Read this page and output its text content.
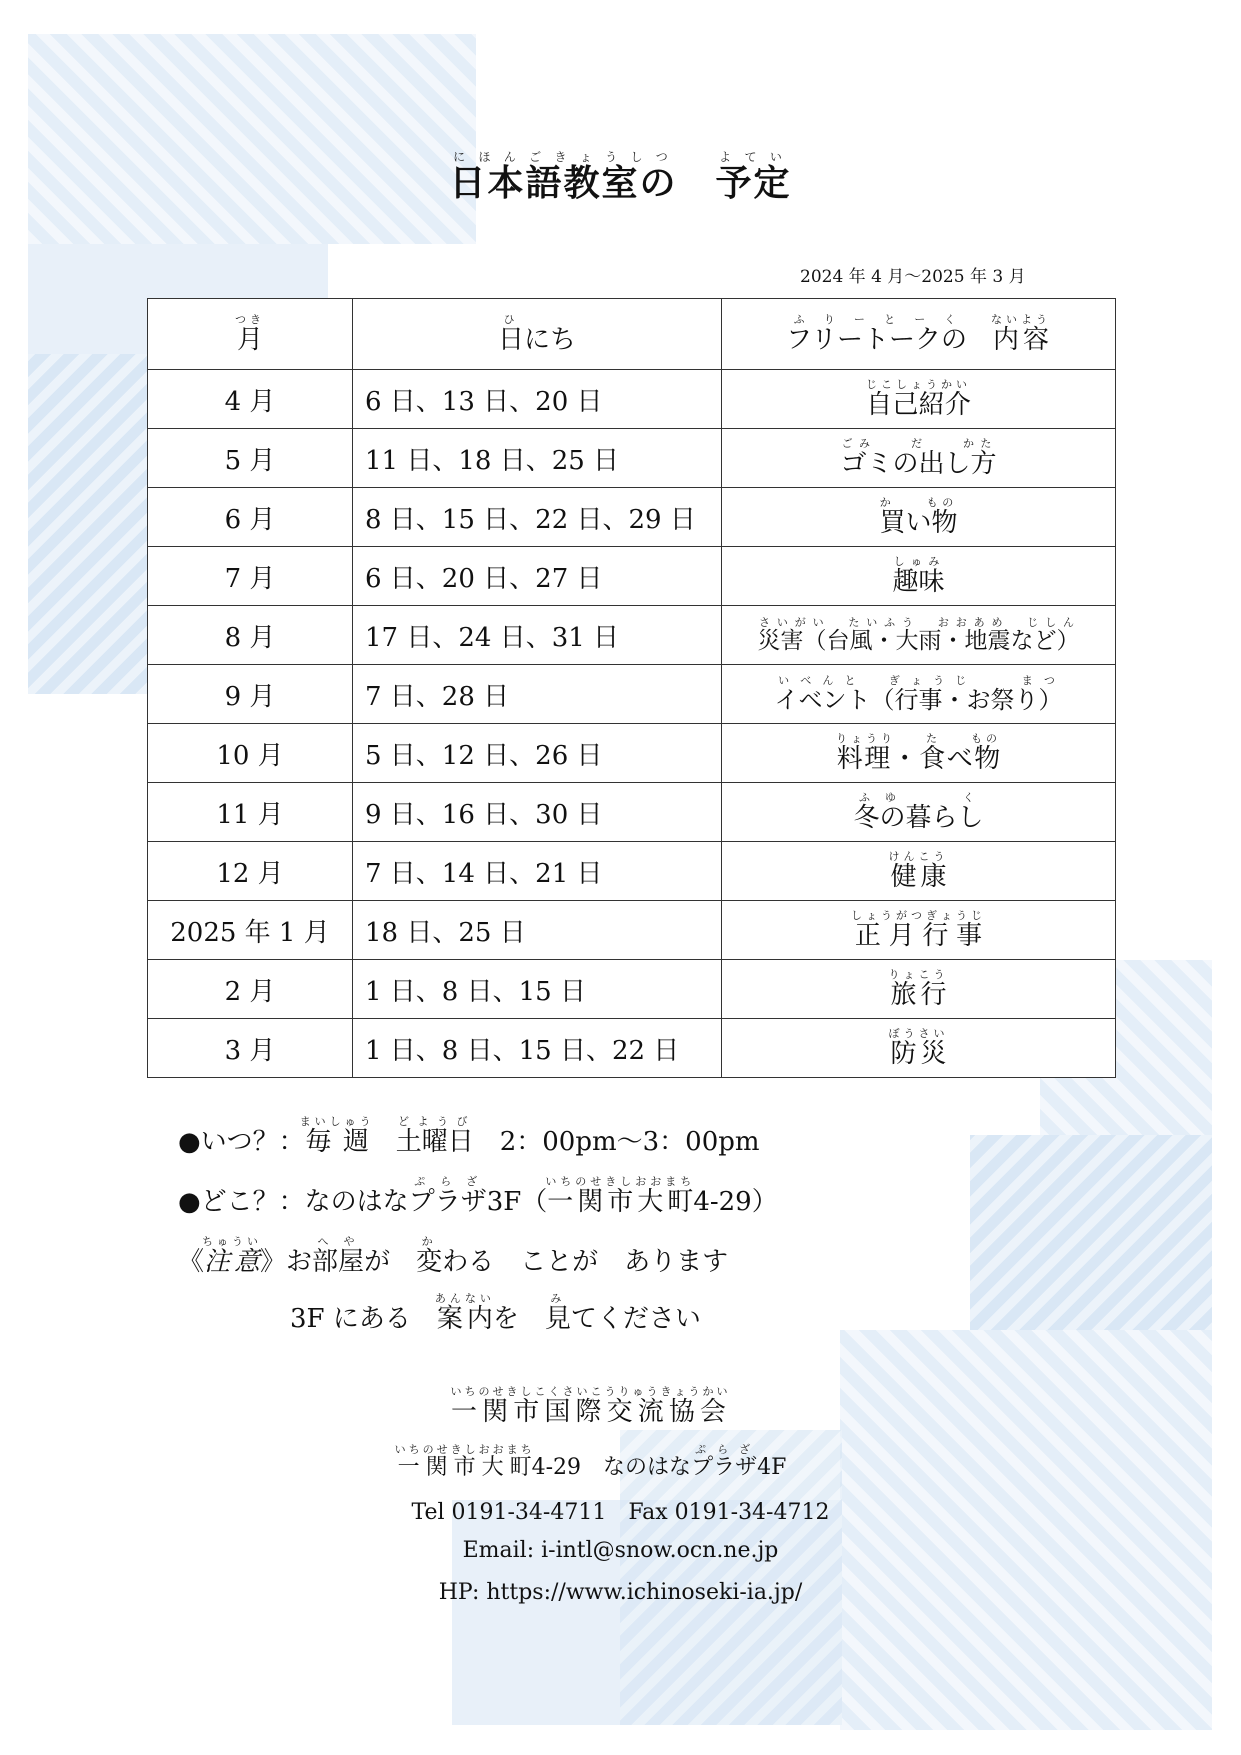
日本語教室のにほんごきょうしつ　予定よてい
2024 年 4 月〜2025 年 3 月
月つき	日ひにち	フリートークのふりーとーく　内容ないよう
4 月	6 日、13 日、20 日	自己紹介じこしょうかい
5 月	11 日、18 日、25 日	ゴミの出し方ごみ　　だ　　かた
6 月	8 日、15 日、22 日、29 日	買い物か　　もの
7 月	6 日、20 日、27 日	趣味しゅみ
8 月	17 日、24 日、31 日	災害（台風・大雨・地震など）さいがい　たいふう　おおあめ　じしん
9 月	7 日、28 日	イベント（行事・お祭り）いべんと　ぎょうじ　　まつ
10 月	5 日、12 日、26 日	料理・食べ物りょうり　　た　　もの
11 月	9 日、16 日、30 日	冬の暮らしふゆ　　く
12 月	7 日、14 日、21 日	健康けんこう
2025 年 1 月	18 日、25 日	正月行事しょうがつぎょうじ
2 月	1 日、8 日、15 日	旅行りょこう
3 月	1 日、8 日、15 日、22 日	防災ぼうさい
●いつ？：毎週まいしゅう　土曜日どようび　2：00pm〜3：00pm
●どこ？：なのはなプラザぷらざ3F（一関市大町いちのせきしおおまち4-29）
《注意ちゅうい》お部屋へやが　変かわる　ことが　あります
3F にある　案内あんないを　見みてください
一関市国際交流協会いちのせきしこくさいこうりゅうきょうかい
一関市大町いちのせきしおおまち4-29　なのはなプラザぷらざ4F
Tel 0191-34-4711　Fax 0191-34-4712
Email: i-intl@snow.ocn.ne.jp
HP: https://www.ichinoseki-ia.jp/
